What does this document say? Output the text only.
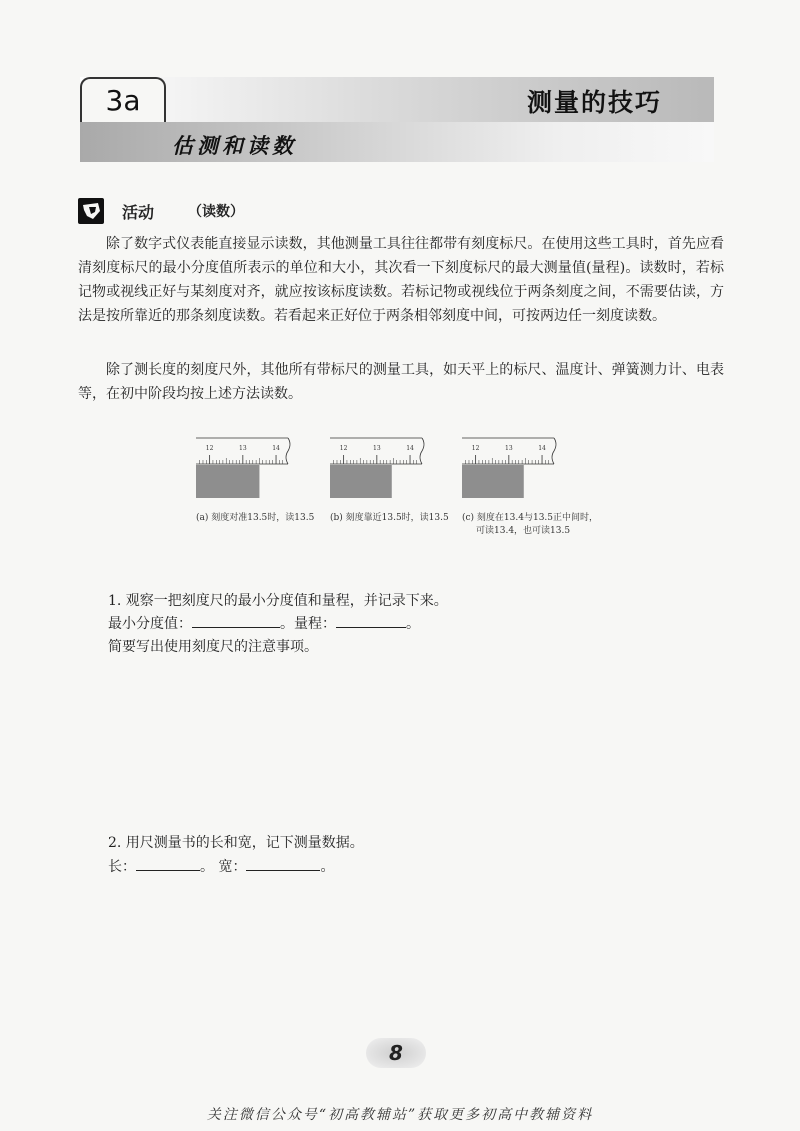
3a	测量的技巧
估测和读数
活动 （读数）

除了数字式仪表能直接显示读数，其他测量工具往往都带有刻度标尺。在使用这些工具时，首先应看清刻度标尺的最小分度值所表示的单位和大小，其次看一下刻度标尺的最大测量值(量程)。读数时，若标记物或视线正好与某刻度对齐，就应按该标度读数。若标记物或视线位于两条刻度之间，不需要估读，方法是按所靠近的那条刻度读数。若看起来正好位于两条相邻刻度中间，可按两边任一刻度读数。

除了测长度的刻度尺外，其他所有带标尺的测量工具，如天平上的标尺、温度计、弹簧测力计、电表等，在初中阶段均按上述方法读数。

12	13	14
(a) 刻度对准13.5时，读13.5
12	13	14
(b) 刻度靠近13.5时，读13.5
12	13	14
(c) 刻度在13.4与13.5正中间时，
可读13.4，也可读13.5

1. 观察一把刻度尺的最小分度值和量程，并记录下来。

最小分度值：	。量程：	。

简要写出使用刻度尺的注意事项。

2. 用尺测量书的长和宽，记下测量数据。

长：	。 宽：	。

8
关注微信公众号“初高教辅站”获取更多初高中教辅资料
